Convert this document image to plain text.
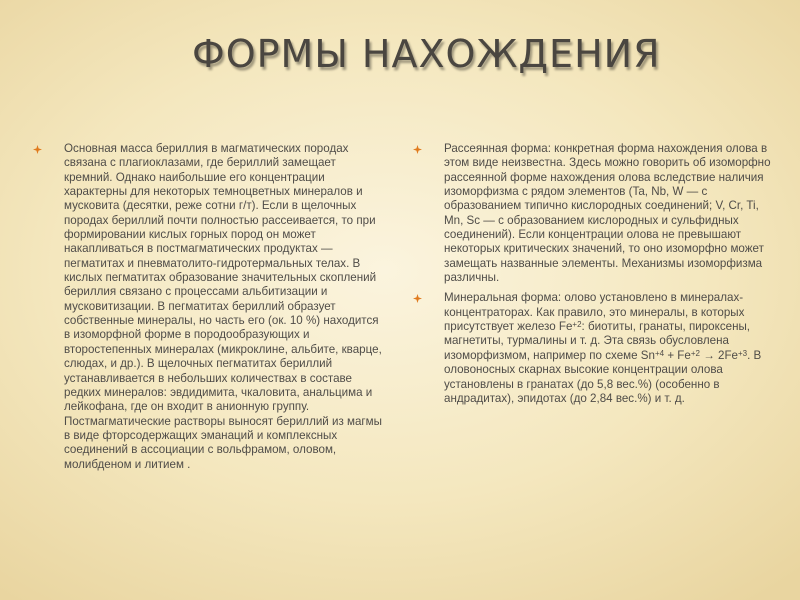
ФОРМЫ НАХОЖДЕНИЯ
Основная масса бериллия в магматических породах связана с плагиоклазами, где бериллий замещает кремний. Однако наибольшие его концентрации характерны для некоторых темноцветных минералов и мусковита (десятки, реже сотни г/т). Если в щелочных породах бериллий почти полностью рассеивается, то при формировании кислых горных пород он может накапливаться в постмагматических продуктах — пегматитах и пневматолито-гидротермальных телах. В кислых пегматитах образование значительных скоплений бериллия связано с процессами альбитизации и мусковитизации. В пегматитах бериллий образует собственные минералы, но часть его (ок. 10 %) находится в изоморфной форме в породообразующих и второстепенных минералах (микроклине, альбите, кварце, слюдах, и др.). В щелочных пегматитах бериллий устанавливается в небольших количествах в составе редких минералов: эвдидимита, чкаловита, анальцима и лейкофана, где он входит в анионную группу. Постмагматические растворы выносят бериллий из магмы в виде фторсодержащих эманаций и комплексных соединений в ассоциации с вольфрамом, оловом, молибденом и литием .
Рассеянная форма: конкретная форма нахождения олова в этом виде неизвестна. Здесь можно говорить об изоморфно рассеянной форме нахождения олова вследствие наличия изоморфизма с рядом элементов (Ta, Nb, W — с образованием типично кислородных соединений; V, Cr, Ti, Mn, Sc — с образованием кислородных и сульфидных соединений). Если концентрации олова не превышают некоторых критических значений, то оно изоморфно может замещать названные элементы. Механизмы изоморфизма различны.
Минеральная форма: олово установлено в минералах-концентраторах. Как правило, это минералы, в которых присутствует железо $Fe^{+2}$: биотиты, гранаты, пироксены, магнетиты, турмалины и т. д. Эта связь обусловлена изоморфизмом, например по схеме $Sn^{+4} + Fe^{+2} \to 2Fe^{+3}$. В оловоносных скарнах высокие концентрации олова установлены в гранатах (до 5,8 вес.%) (особенно в андрадитах), эпидотах (до 2,84 вес.%) и т. д.
